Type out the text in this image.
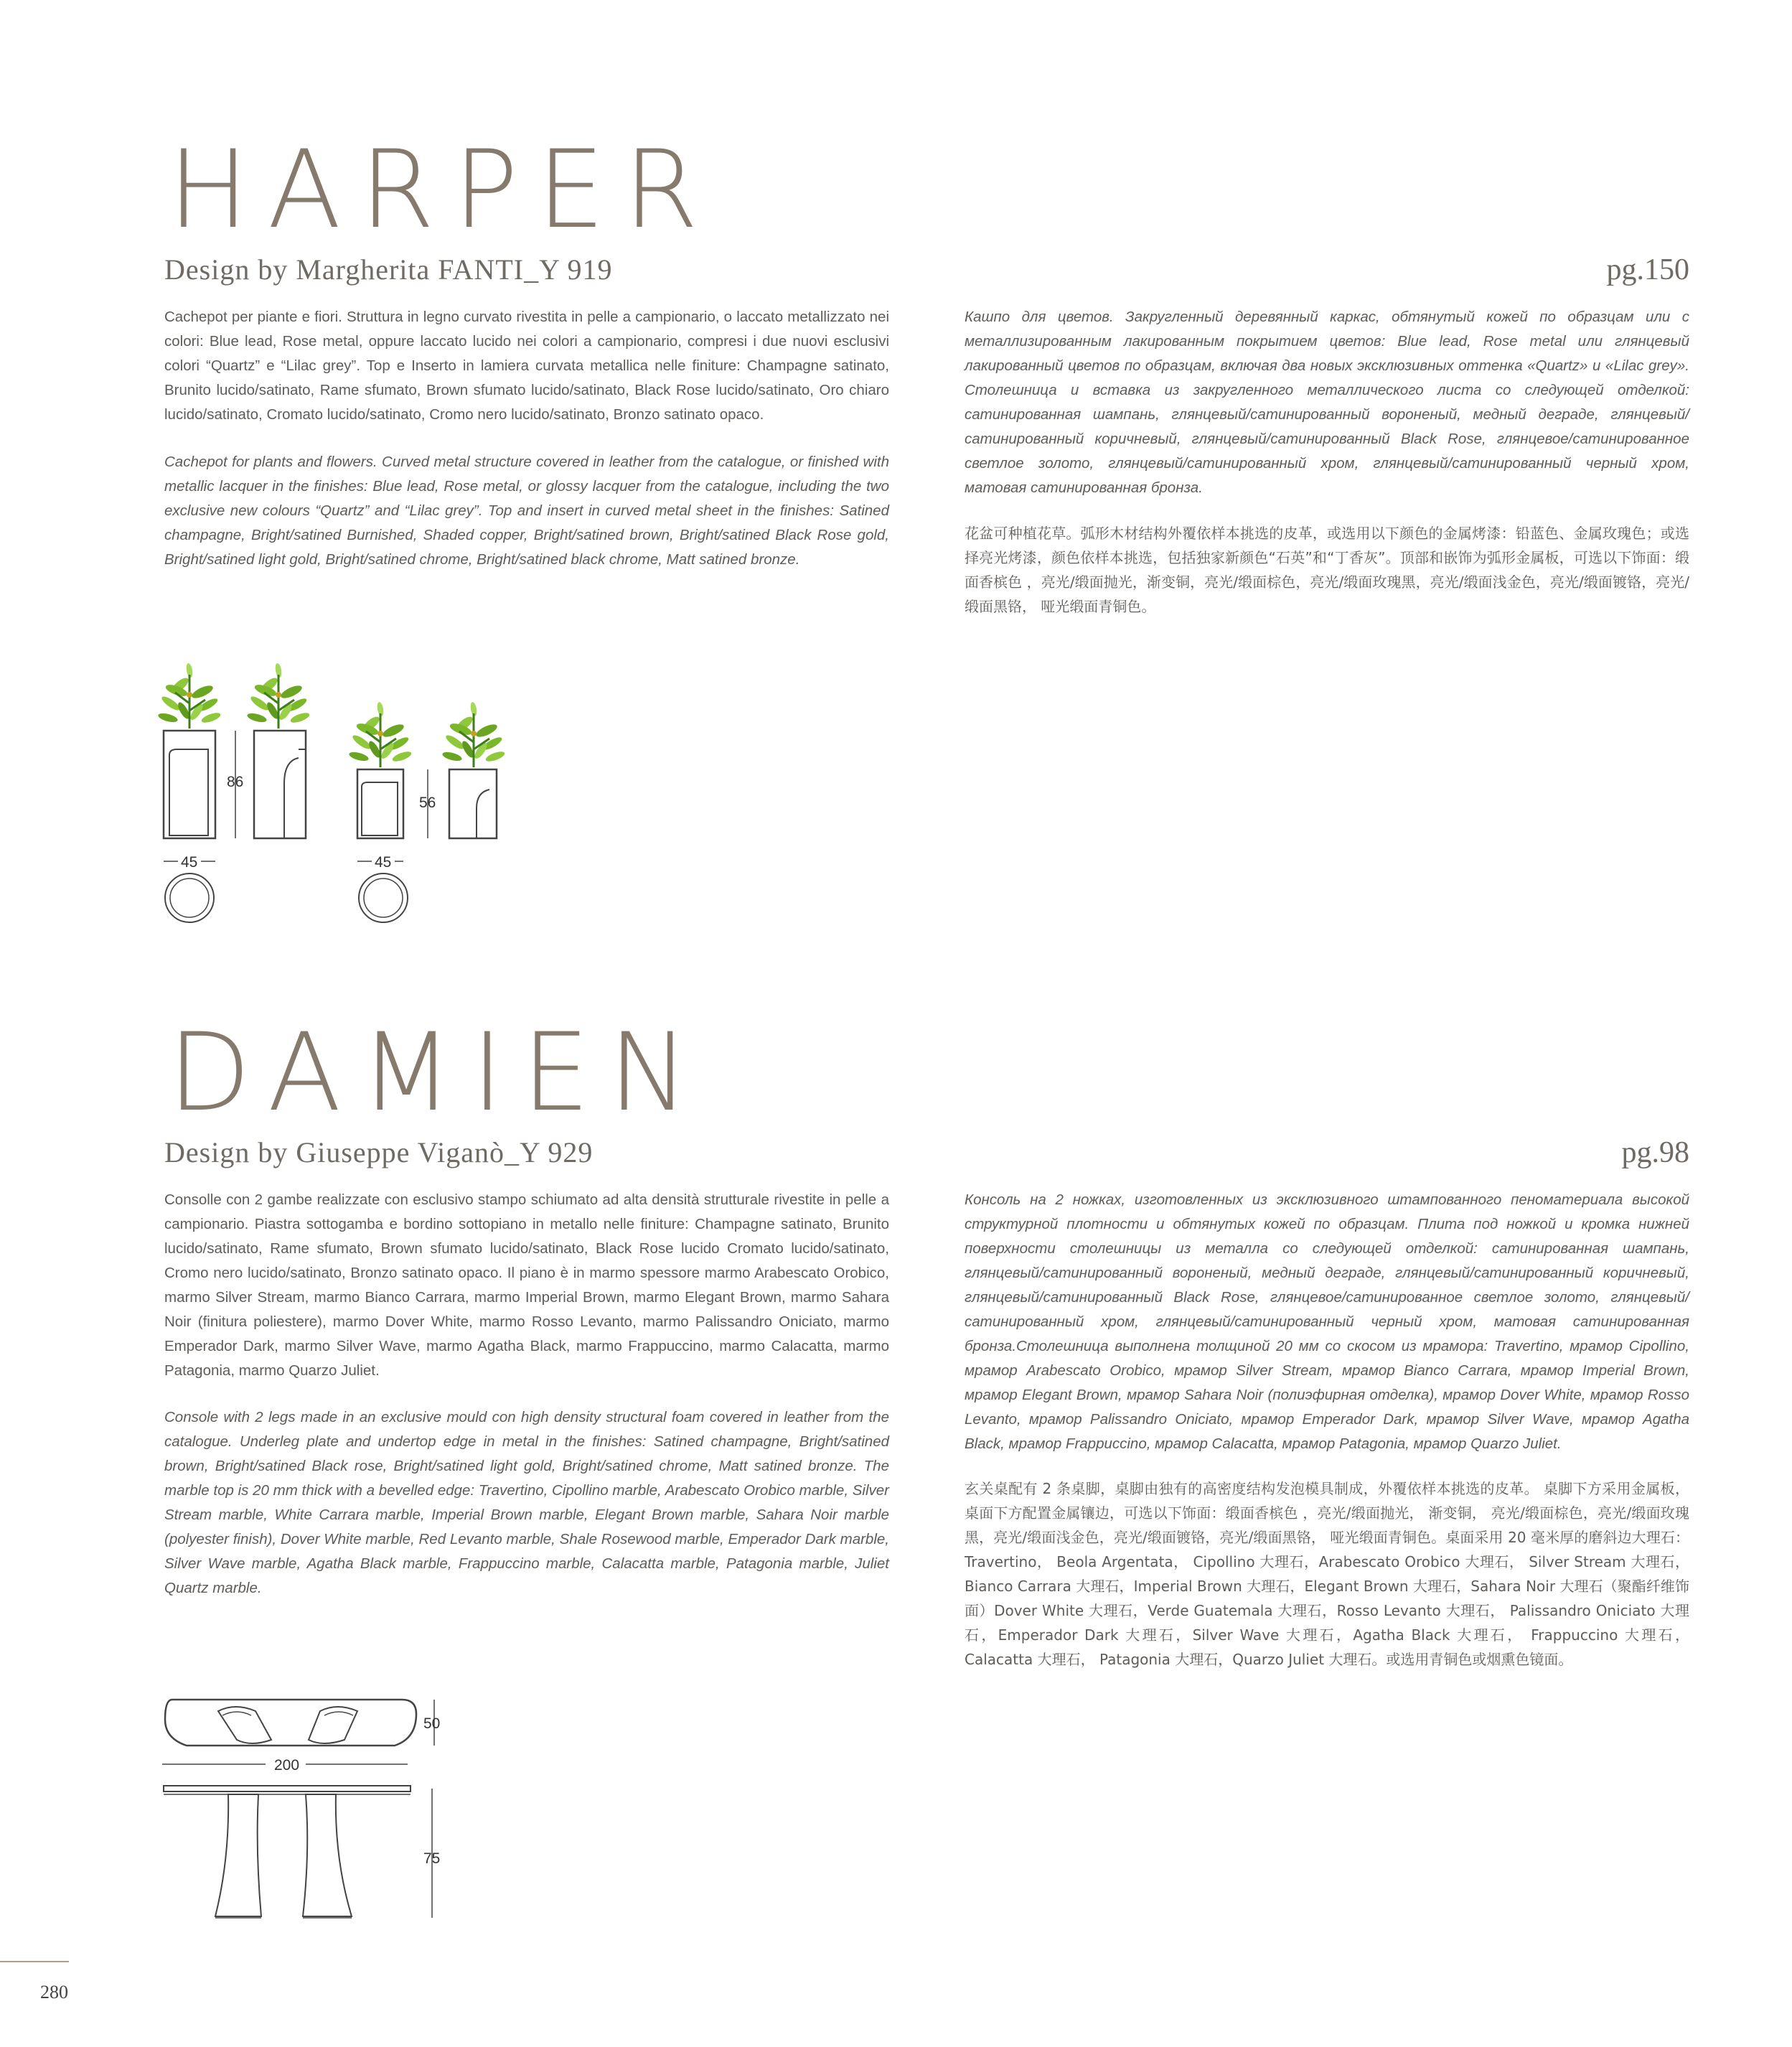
HARPER
Design by Margherita FANTI_Y 919	pg.150

Cachepot per piante e fiori. Struttura in legno curvato rivestita in pelle a campionario, o laccato metallizzato nei colori: Blue lead, Rose metal, oppure laccato lucido nei colori a campionario, compresi i due nuovi esclusivi colori “Quartz” e “Lilac grey”. Top e Inserto in lamiera curvata metallica nelle finiture: Champagne satinato, Brunito lucido/satinato, Rame sfumato, Brown sfumato lucido/satinato, Black Rose lucido/satinato, Oro chiaro lucido/satinato, Cromato lucido/satinato, Cromo nero lucido/satinato, Bronzo satinato opaco.

Cachepot for plants and flowers. Curved metal structure covered in leather from the catalogue, or finished with metallic lacquer in the finishes: Blue lead, Rose metal, or glossy lacquer from the catalogue, including the two exclusive new colours “Quartz” and “Lilac grey”. Top and insert in curved metal sheet in the finishes: Satined champagne, Bright/satined Burnished, Shaded copper, Bright/satined brown, Bright/satined Black Rose gold, Bright/satined light gold, Bright/satined chrome, Bright/satined black chrome, Matt satined bronze.

Кашпо для цветов. Закругленный деревянный каркас, обтянутый кожей по образцам или с металлизированным лакированным покрытием цветов: Blue lead, Rose metal или глянцевый лакированный цветов по образцам, включая два новых эксклюзивных оттенка «Quartz» и «Lilac grey». Столешница и вставка из закругленного металлического листа со следующей отделкой: сатинированная шампань, глянцевый/сатинированный вороненый, медный деграде, глянцевый/сатинированный коричневый, глянцевый/сатинированный Black Rose, глянцевое/сатинированное светлое золото, глянцевый/сатинированный хром, глянцевый/сатинированный черный хром, матовая сатинированная бронза.

花盆可种植花草。弧形木材结构外覆依样本挑选的皮革，或选用以下颜色的金属烤漆：铅蓝色、金属玫瑰色；或选择亮光烤漆，颜色依样本挑选，包括独家新颜色“石英”和“丁香灰”。顶部和嵌饰为弧形金属板，可选以下饰面：缎面香槟色 ，亮光/缎面抛光，渐变铜，亮光/缎面棕色，亮光/缎面玫瑰黑，亮光/缎面浅金色，亮光/缎面镀铬，亮光/缎面黑铬， 哑光缎面青铜色。

86
56
45	45
DAMIEN
Design by Giuseppe Viganò_Y 929	pg.98

Consolle con 2 gambe realizzate con esclusivo stampo schiumato ad alta densità strutturale rivestite in pelle a campionario. Piastra sottogamba e bordino sottopiano in metallo nelle finiture: Champagne satinato, Brunito lucido/satinato, Rame sfumato, Brown sfumato lucido/satinato, Black Rose lucido Cromato lucido/satinato, Cromo nero lucido/satinato, Bronzo satinato opaco. Il piano è in marmo spessore marmo Arabescato Orobico, marmo Silver Stream, marmo Bianco Carrara, marmo Imperial Brown, marmo Elegant Brown, marmo Sahara Noir (finitura poliestere), marmo Dover White, marmo Rosso Levanto, marmo Palissandro Oniciato, marmo Emperador Dark, marmo Silver Wave, marmo Agatha Black, marmo Frappuccino, marmo Calacatta, marmo Patagonia, marmo Quarzo Juliet.

Console with 2 legs made in an exclusive mould con high density structural foam covered in leather from the catalogue. Underleg plate and undertop edge in metal in the finishes: Satined champagne, Bright/satined brown, Bright/satined Black rose, Bright/satined light gold, Bright/satined chrome, Matt satined bronze. The marble top is 20 mm thick with a bevelled edge: Travertino, Cipollino marble, Arabescato Orobico marble, Silver Stream marble, White Carrara marble, Imperial Brown marble, Elegant Brown marble, Sahara Noir marble (polyester finish), Dover White marble, Red Levanto marble, Shale Rosewood marble, Emperador Dark marble, Silver Wave marble, Agatha Black marble, Frappuccino marble, Calacatta marble, Patagonia marble, Juliet Quartz marble.

Консоль на 2 ножках, изготовленных из эксклюзивного штампованного пеноматериала высокой структурной плотности и обтянутых кожей по образцам. Плита под ножкой и кромка нижней поверхности столешницы из металла со следующей отделкой: сатинированная шампань, глянцевый/сатинированный вороненый, медный деграде, глянцевый/сатинированный коричневый, глянцевый/сатинированный Black Rose, глянцевое/сатинированное светлое золото, глянцевый/сатинированный хром, глянцевый/сатинированный черный хром, матовая сатинированная бронза.Столешница выполнена толщиной 20 мм со скосом из мрамора: Travertino, мрамор Cipollino, мрамор Arabescato Orobico, мрамор Silver Stream, мрамор Bianco Carrara, мрамор Imperial Brown, мрамор Elegant Brown, мрамор Sahara Noir (полиэфирная отделка), мрамор Dover White, мрамор Rosso Levanto, мрамор Palissandro Oniciato, мрамор Emperador Dark, мрамор Silver Wave, мрамор Agatha Black, мрамор Frappuccino, мрамор Calacatta, мрамор Patagonia, мрамор Quarzo Juliet.

玄关桌配有 2 条桌脚，桌脚由独有的高密度结构发泡模具制成，外覆依样本挑选的皮革。 桌脚下方采用金属板，桌面下方配置金属镶边，可选以下饰面：缎面香槟色 ，亮光/缎面抛光， 渐变铜， 亮光/缎面棕色，亮光/缎面玫瑰黑，亮光/缎面浅金色，亮光/缎面镀铬，亮光/缎面黑铬， 哑光缎面青铜色。桌面采用 20 毫米厚的磨斜边大理石：Travertino， Beola Argentata， Cipollino 大理石，Arabescato Orobico 大理石， Silver Stream 大理石，Bianco Carrara 大理石，Imperial Brown 大理石，Elegant Brown 大理石，Sahara Noir 大理石（聚酯纤维饰面）Dover White 大理石，Verde Guatemala 大理石，Rosso Levanto 大理石， Palissandro Oniciato 大理石，Emperador Dark 大理石，Silver Wave 大理石，Agatha Black 大理石， Frappuccino 大理石，Calacatta 大理石， Patagonia 大理石，Quarzo Juliet 大理石。或选用青铜色或烟熏色镜面。

50
200
75
280
